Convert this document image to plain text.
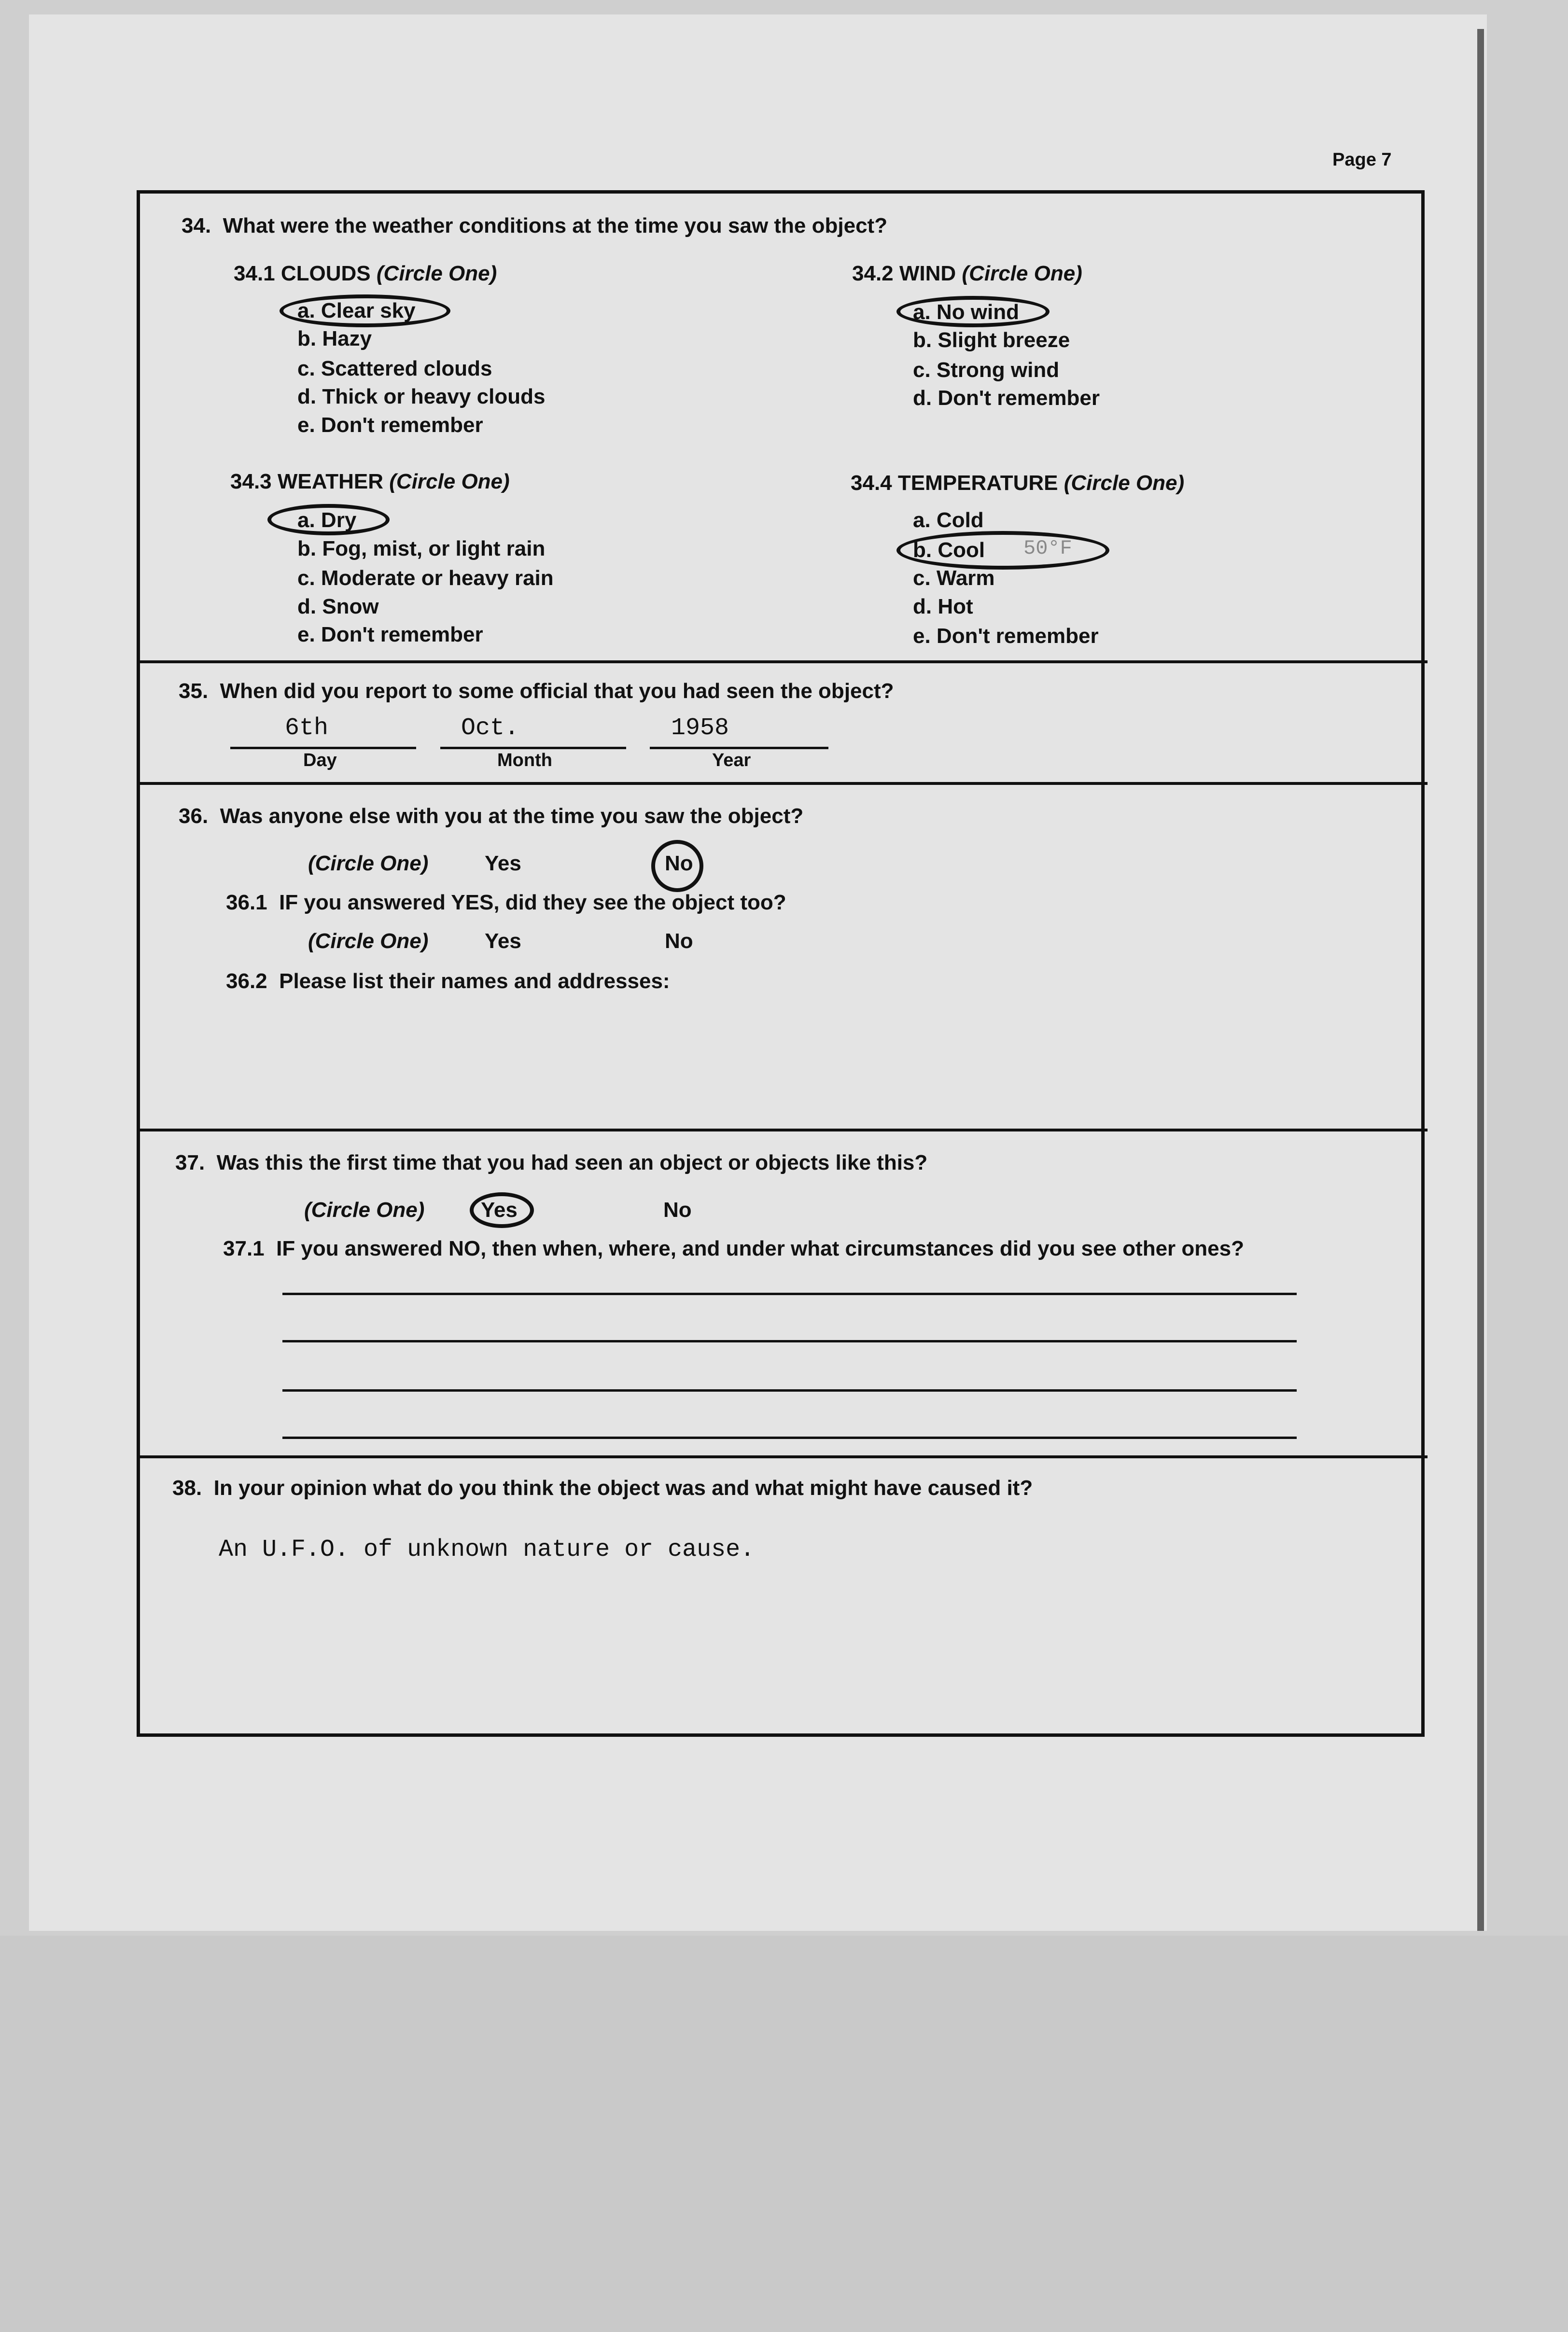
Page 7
34. What were the weather conditions at the time you saw the object?
34.1 CLOUDS (Circle One)
a. Clear sky
b. Hazy
c. Scattered clouds
d. Thick or heavy clouds
e. Don't remember
34.2 WIND (Circle One)
a. No wind
b. Slight breeze
c. Strong wind
d. Don't remember
34.3 WEATHER (Circle One)
a. Dry
b. Fog, mist, or light rain
c. Moderate or heavy rain
d. Snow
e. Don't remember
34.4 TEMPERATURE (Circle One)
a. Cold
b. Cool 50°F
c. Warm
d. Hot
e. Don't remember
35. When did you report to some official that you had seen the object?
6th	Oct.	1958
Day	Month	Year
36. Was anyone else with you at the time you saw the object?
(Circle One)	Yes	No
36.1 IF you answered YES, did they see the object too?
(Circle One)	Yes	No
36.2 Please list their names and addresses:
37. Was this the first time that you had seen an object or objects like this?
(Circle One)	Yes	No
37.1 IF you answered NO, then when, where, and under what circumstances did you see other ones?
38. In your opinion what do you think the object was and what might have caused it?
An U.F.O. of unknown nature or cause.
